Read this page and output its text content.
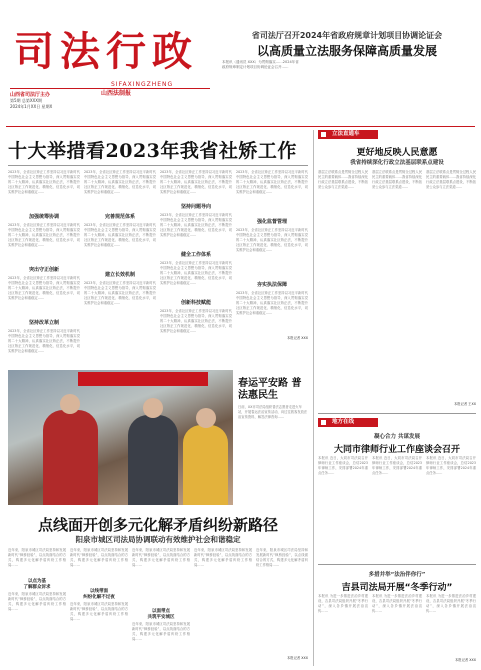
司法行政
SIFAXINGZHENG
山西省司法厅主办
第5期 总第XXX期
2024年1月XX日 星期X
山西法制报
省司法厅召开2024年省政府规章计划项目协调论证会
以高质量立法服务保障高质量发展
本报讯（通讯员 XXX）为贯彻落实……2024年省政府规章制定计划项目协调论证会召开……
十大举措看2023年我省社矫工作
2023年，全省社区矫正工作坚持以习近平新时代中国特色社会主义思想为指导，深入贯彻落实党的二十大精神，认真落实社区矫正法，不断提升社区矫正工作规范化、精细化、信息化水平，切实维护社会和谐稳定……
加强统筹协调
2023年，全省社区矫正工作坚持以习近平新时代中国特色社会主义思想为指导，深入贯彻落实党的二十大精神，认真落实社区矫正法，不断提升社区矫正工作规范化、精细化、信息化水平，切实维护社会和谐稳定……
突出守正创新
2023年，全省社区矫正工作坚持以习近平新时代中国特色社会主义思想为指导，深入贯彻落实党的二十大精神，认真落实社区矫正法，不断提升社区矫正工作规范化、精细化、信息化水平，切实维护社会和谐稳定……
坚持改革立制
2023年，全省社区矫正工作坚持以习近平新时代中国特色社会主义思想为指导，深入贯彻落实党的二十大精神，认真落实社区矫正法，不断提升社区矫正工作规范化、精细化、信息化水平，切实维护社会和谐稳定……
2023年，全省社区矫正工作坚持以习近平新时代中国特色社会主义思想为指导，深入贯彻落实党的二十大精神，认真落实社区矫正法，不断提升社区矫正工作规范化、精细化、信息化水平，切实维护社会和谐稳定……
完善规范体系
2023年，全省社区矫正工作坚持以习近平新时代中国特色社会主义思想为指导，深入贯彻落实党的二十大精神，认真落实社区矫正法，不断提升社区矫正工作规范化、精细化、信息化水平，切实维护社会和谐稳定……
建立长效机制
2023年，全省社区矫正工作坚持以习近平新时代中国特色社会主义思想为指导，深入贯彻落实党的二十大精神，认真落实社区矫正法，不断提升社区矫正工作规范化、精细化、信息化水平，切实维护社会和谐稳定……
2023年，全省社区矫正工作坚持以习近平新时代中国特色社会主义思想为指导，深入贯彻落实党的二十大精神，认真落实社区矫正法，不断提升社区矫正工作规范化、精细化、信息化水平，切实维护社会和谐稳定……
坚持问题导向
2023年，全省社区矫正工作坚持以习近平新时代中国特色社会主义思想为指导，深入贯彻落实党的二十大精神，认真落实社区矫正法，不断提升社区矫正工作规范化、精细化、信息化水平，切实维护社会和谐稳定……
健全工作体系
2023年，全省社区矫正工作坚持以习近平新时代中国特色社会主义思想为指导，深入贯彻落实党的二十大精神，认真落实社区矫正法，不断提升社区矫正工作规范化、精细化、信息化水平，切实维护社会和谐稳定……
创新科技赋能
2023年，全省社区矫正工作坚持以习近平新时代中国特色社会主义思想为指导，深入贯彻落实党的二十大精神，认真落实社区矫正法，不断提升社区矫正工作规范化、精细化、信息化水平，切实维护社会和谐稳定……
2023年，全省社区矫正工作坚持以习近平新时代中国特色社会主义思想为指导，深入贯彻落实党的二十大精神，认真落实社区矫正法，不断提升社区矫正工作规范化、精细化、信息化水平，切实维护社会和谐稳定……
强化监督管理
2023年，全省社区矫正工作坚持以习近平新时代中国特色社会主义思想为指导，深入贯彻落实党的二十大精神，认真落实社区矫正法，不断提升社区矫正工作规范化、精细化、信息化水平，切实维护社会和谐稳定……
夯实执法保障
2023年，全省社区矫正工作坚持以习近平新时代中国特色社会主义思想为指导，深入贯彻落实党的二十大精神，认真落实社区矫正法，不断提升社区矫正工作规范化、精细化、信息化水平，切实维护社会和谐稳定……
本报记者 XXX
春运平安路 普法惠民生
日前，XX市司法局组织普法志愿者走进火车站，开展春运法治宣传活动，向过往旅客发放法治宣传资料，解答法律咨询……
点线面开创多元化解矛盾纠纷新路径
阳泉市城区司法局协调联动有效维护社会和谐稳定
近年来，阳泉市城区司法局坚持和发展新时代“枫桥经验”，以点线面结合的方式，构建多元化解矛盾纠纷工作格局……
以点为基
了解群众诉求
近年来，阳泉市城区司法局坚持和发展新时代“枫桥经验”，以点线面结合的方式，构建多元化解矛盾纠纷工作格局……
近年来，阳泉市城区司法局坚持和发展新时代“枫桥经验”，以点线面结合的方式，构建多元化解矛盾纠纷工作格局……
以线带面
纠纷化解不过夜
近年来，阳泉市城区司法局坚持和发展新时代“枫桥经验”，以点线面结合的方式，构建多元化解矛盾纠纷工作格局……
近年来，阳泉市城区司法局坚持和发展新时代“枫桥经验”，以点线面结合的方式，构建多元化解矛盾纠纷工作格局……
以面带点
共筑平安城区
近年来，阳泉市城区司法局坚持和发展新时代“枫桥经验”，以点线面结合的方式，构建多元化解矛盾纠纷工作格局……
近年来，阳泉市城区司法局坚持和发展新时代“枫桥经验”，以点线面结合的方式，构建多元化解矛盾纠纷工作格局……
近年来，阳泉市城区司法局坚持和发展新时代“枫桥经验”，以点线面结合的方式，构建多元化解矛盾纠纷工作格局……
本报记者 XXX
立法直通车
更好地反映人民意愿
我省持续深化行政立法基层联系点建设
基层立法联系点是贯彻全过程人民民主的重要载体……我省持续深化行政立法基层联系点建设，不断拓宽公众参与立法渠道……
基层立法联系点是贯彻全过程人民民主的重要载体……我省持续深化行政立法基层联系点建设，不断拓宽公众参与立法渠道……
基层立法联系点是贯彻全过程人民民主的重要载体……我省持续深化行政立法基层联系点建设，不断拓宽公众参与立法渠道……
本报记者 王XX
地方在线
凝心合力 共谋发展
大同市律师行业工作座谈会召开
本报讯 近日，大同市司法局召开律师行业工作座谈会，总结2023年律师工作，安排部署2024年重点任务……
本报讯 近日，大同市司法局召开律师行业工作座谈会，总结2023年律师工作，安排部署2024年重点任务……
本报讯 近日，大同市司法局召开律师行业工作座谈会，总结2023年律师工作，安排部署2024年重点任务……
多措并举“法治伴你行”
吉县司法局开展“冬季行动”
本报讯 为进一步推进法治乡村建设，吉县司法局组织开展“冬季行动”，深入各乡镇开展法治宣传……
本报讯 为进一步推进法治乡村建设，吉县司法局组织开展“冬季行动”，深入各乡镇开展法治宣传……
本报讯 为进一步推进法治乡村建设，吉县司法局组织开展“冬季行动”，深入各乡镇开展法治宣传……
本报记者 XXX
